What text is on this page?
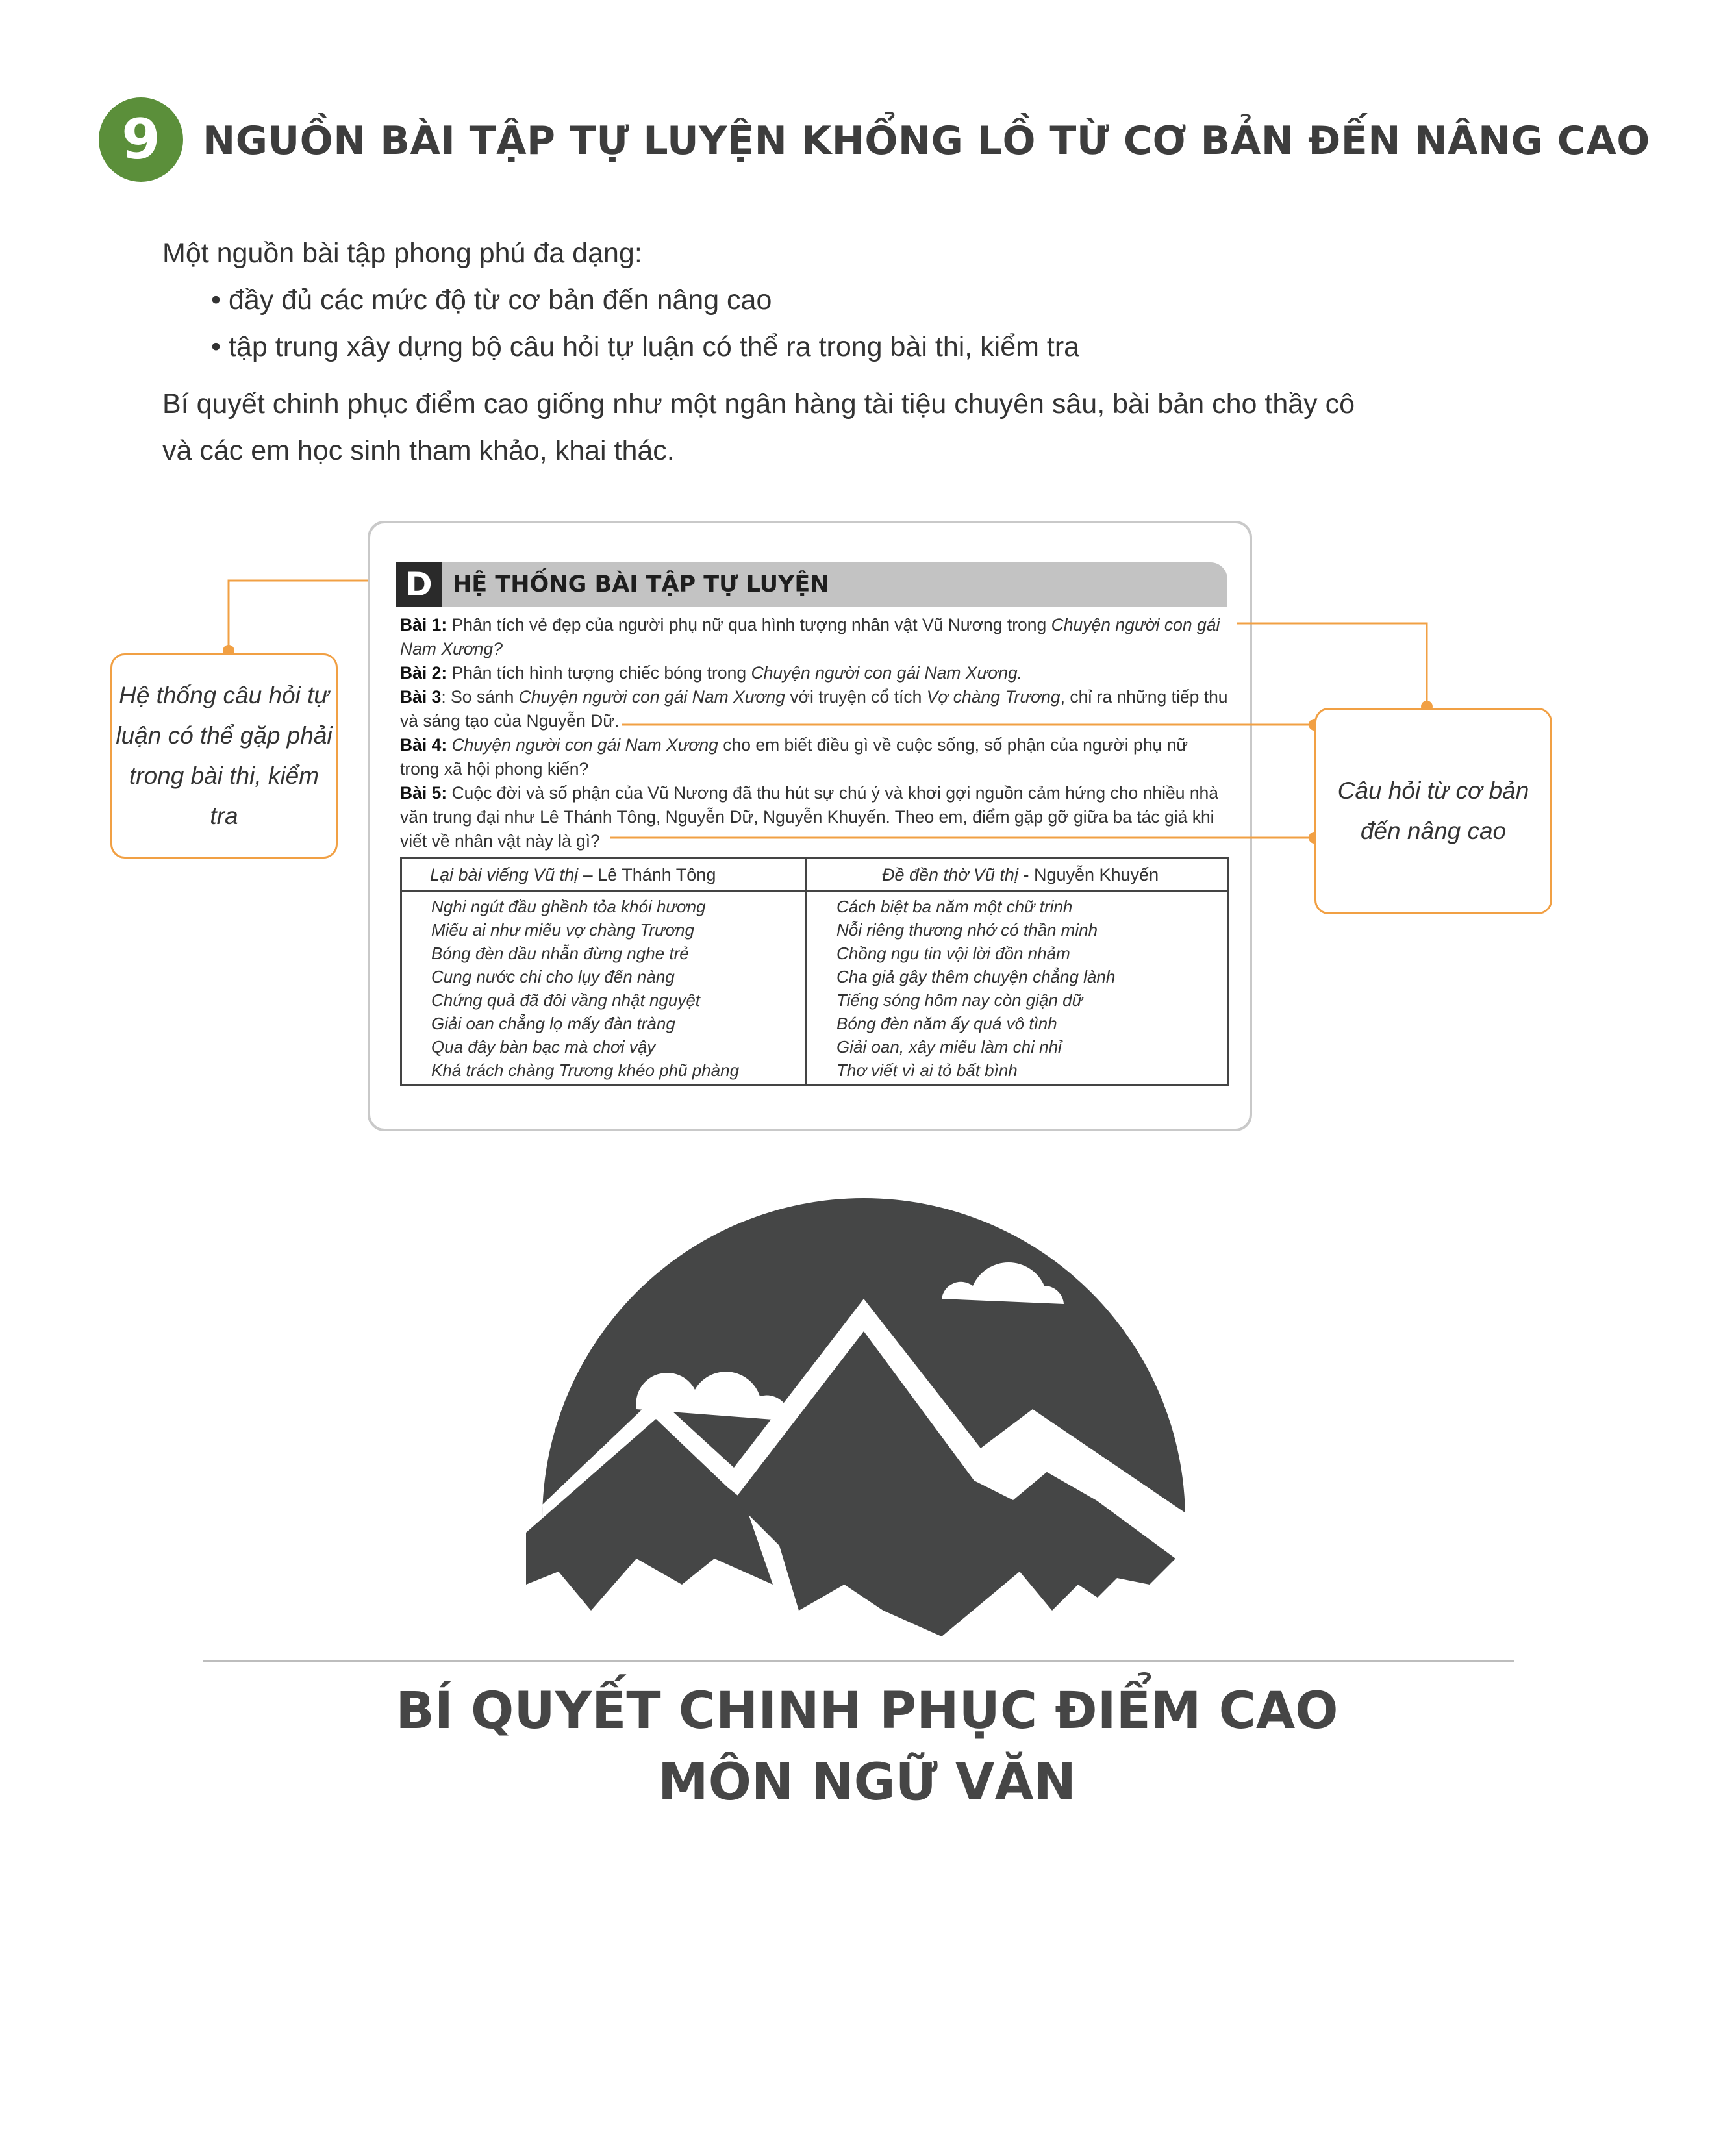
9	NGUỒN BÀI TẬP TỰ LUYỆN KHỔNG LỒ TỪ CƠ BẢN ĐẾN NÂNG CAO
Một nguồn bài tập phong phú đa dạng:
• đầy đủ các mức độ từ cơ bản đến nâng cao
• tập trung xây dựng bộ câu hỏi tự luận có thể ra trong bài thi, kiểm tra
Bí quyết chinh phục điểm cao giống như một ngân hàng tài tiệu chuyên sâu, bài bản cho thầy cô
và các em học sinh tham khảo, khai thác.
D HỆ THỐNG BÀI TẬP TỰ LUYỆN
Bài 1: Phân tích vẻ đẹp của người phụ nữ qua hình tượng nhân vật Vũ Nương trong Chuyện người con gái Nam Xương?
Bài 2: Phân tích hình tượng chiếc bóng trong Chuyện người con gái Nam Xương.
Bài 3: So sánh Chuyện người con gái Nam Xương với truyện cổ tích Vợ chàng Trương, chỉ ra những tiếp thu và sáng tạo của Nguyễn Dữ.
Bài 4: Chuyện người con gái Nam Xương cho em biết điều gì về cuộc sống, số phận của người phụ nữ trong xã hội phong kiến?
Bài 5: Cuộc đời và số phận của Vũ Nương đã thu hút sự chú ý và khơi gợi nguồn cảm hứng cho nhiều nhà văn trung đại như Lê Thánh Tông, Nguyễn Dữ, Nguyễn Khuyến. Theo em, điểm gặp gỡ giữa ba tác giả khi viết về nhân vật này là gì?
Lại bài viếng Vũ thị – Lê Thánh Tông	Đề đền thờ Vũ thị - Nguyễn Khuyến
Nghi ngút đầu ghềnh tỏa khói hương
Miếu ai như miếu vợ chàng Trương
Bóng đèn dầu nhẫn đừng nghe trẻ
Cung nước chi cho lụy đến nàng
Chứng quả đã đôi vầng nhật nguyệt
Giải oan chẳng lọ mấy đàn tràng
Qua đây bàn bạc mà chơi vậy
Khá trách chàng Trương khéo phũ phàng
Cách biệt ba năm một chữ trinh
Nỗi riêng thương nhớ có thần minh
Chồng ngu tin vội lời đồn nhảm
Cha giả gây thêm chuyện chẳng lành
Tiếng sóng hôm nay còn giận dữ
Bóng đèn năm ấy quá vô tình
Giải oan, xây miếu làm chi nhỉ
Thơ viết vì ai tỏ bất bình
Hệ thống câu hỏi tự luận có thể gặp phải trong bài thi, kiểm tra
Câu hỏi từ cơ bản đến nâng cao
BÍ QUYẾT CHINH PHỤC ĐIỂM CAO
MÔN NGỮ VĂN
